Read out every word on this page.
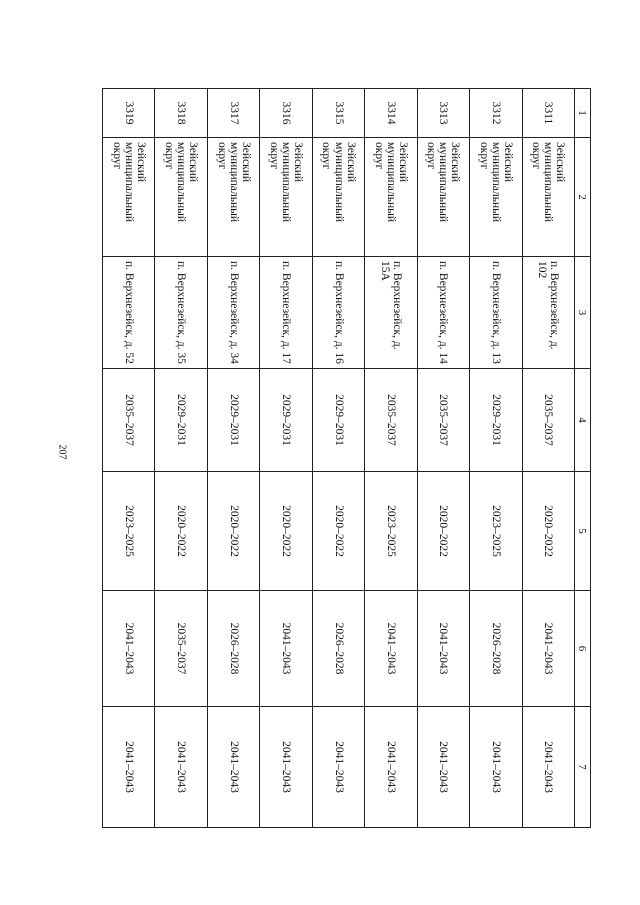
207
1	2	3	4	5	6	7
3311	Зейский муниципальный округ	п. Верхнезейск, д. 102	2035–2037	2020–2022	2041–2043	2041–2043
3312	Зейский муниципальный округ	п. Верхнезейск, д. 13	2029–2031	2023–2025	2026–2028	2041–2043
3313	Зейский муниципальный округ	п. Верхнезейск, д. 14	2035–2037	2020–2022	2041–2043	2041–2043
3314	Зейский муниципальный округ	п. Верхнезейск, д. 15А	2035–2037	2023–2025	2041–2043	2041–2043
3315	Зейский муниципальный округ	п. Верхнезейск, д. 16	2029–2031	2020–2022	2026–2028	2041–2043
3316	Зейский муниципальный округ	п. Верхнезейск, д. 17	2029–2031	2020–2022	2041–2043	2041–2043
3317	Зейский муниципальный округ	п. Верхнезейск, д. 34	2029–2031	2020–2022	2026–2028	2041–2043
3318	Зейский муниципальный округ	п. Верхнезейск, д. 35	2029–2031	2020–2022	2035–2037	2041–2043
3319	Зейский муниципальный округ	п. Верхнезейск, д. 52	2035–2037	2023–2025	2041–2043	2041–2043
